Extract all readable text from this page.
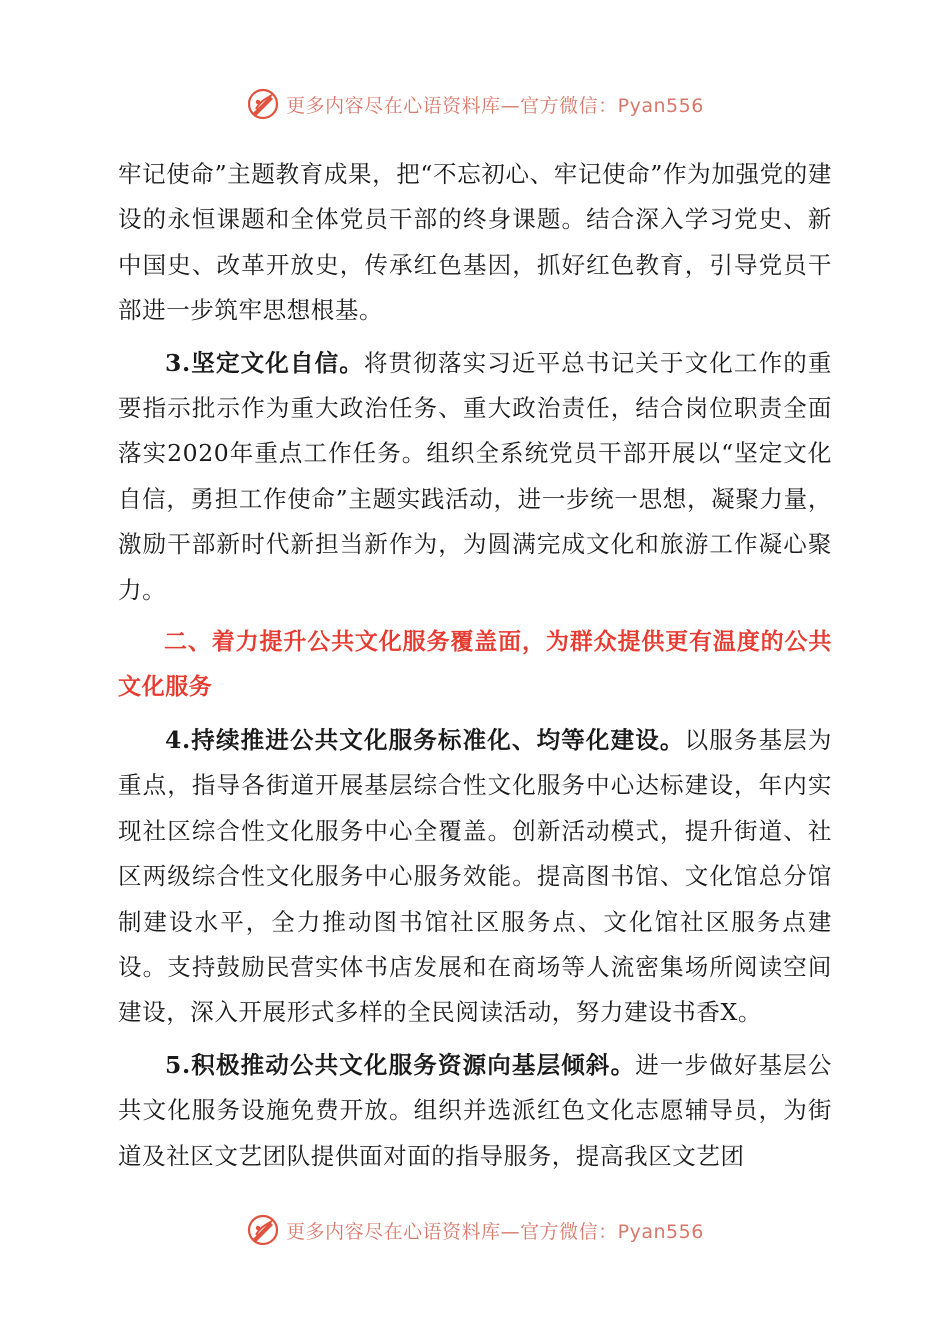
更多内容尽在心语资料库—官方微信：Pyan556

牢记使命”主题教育成果，把“不忘初心、牢记使命”作为加强党的建设的永恒课题和全体党员干部的终身课题。结合深入学习党史、新中国史、改革开放史，传承红色基因，抓好红色教育，引导党员干部进一步筑牢思想根基。

3.坚定文化自信。将贯彻落实习近平总书记关于文化工作的重要指示批示作为重大政治任务、重大政治责任，结合岗位职责全面落实2020年重点工作任务。组织全系统党员干部开展以“坚定文化自信，勇担工作使命”主题实践活动，进一步统一思想，凝聚力量，激励干部新时代新担当新作为，为圆满完成文化和旅游工作凝心聚力。

二、着力提升公共文化服务覆盖面，为群众提供更有温度的公共文化服务

4.持续推进公共文化服务标准化、均等化建设。以服务基层为重点，指导各街道开展基层综合性文化服务中心达标建设，年内实现社区综合性文化服务中心全覆盖。创新活动模式，提升街道、社区两级综合性文化服务中心服务效能。提高图书馆、文化馆总分馆制建设水平，全力推动图书馆社区服务点、文化馆社区服务点建设。支持鼓励民营实体书店发展和在商场等人流密集场所阅读空间建设，深入开展形式多样的全民阅读活动，努力建设书香X。

5.积极推动公共文化服务资源向基层倾斜。进一步做好基层公共文化服务设施免费开放。组织并选派红色文化志愿辅导员，为街道及社区文艺团队提供面对面的指导服务，提高我区文艺团

更多内容尽在心语资料库—官方微信：Pyan556
